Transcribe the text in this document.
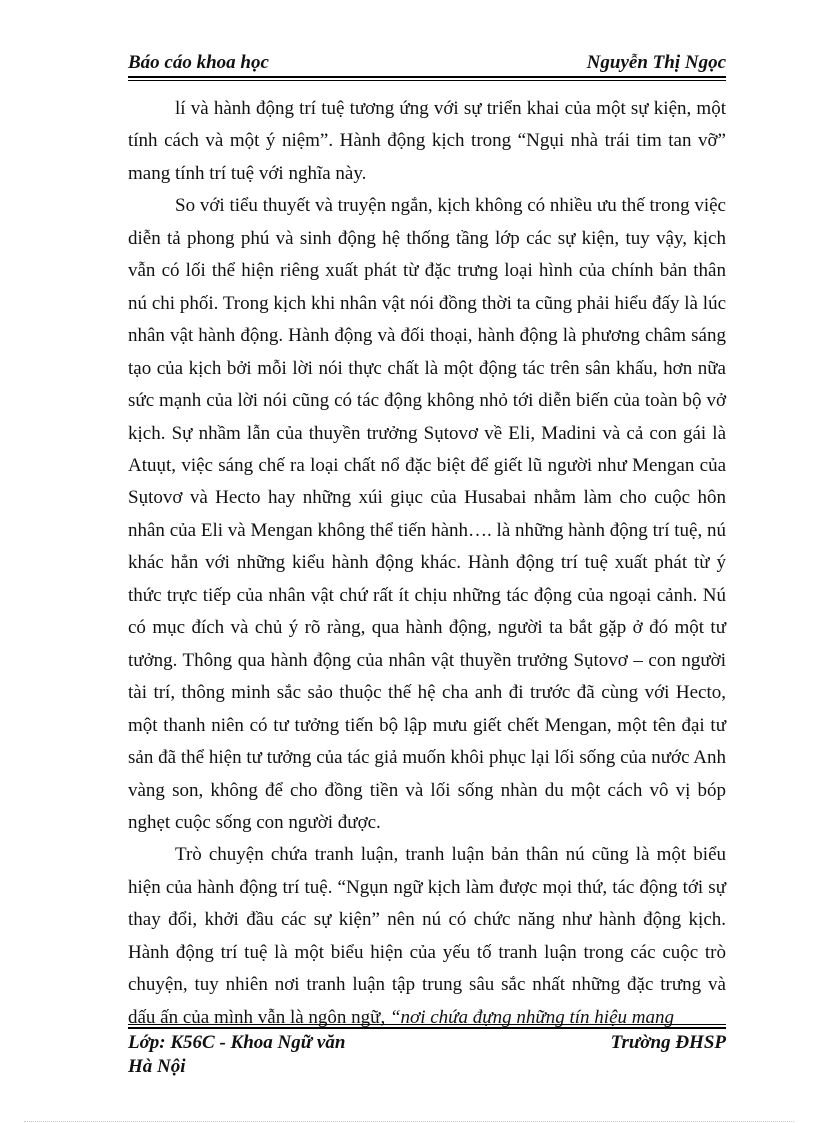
Báo cáo khoa học	Nguyễn Thị Ngọc

lí và hành động trí tuệ tương ứng với sự triển khai của một sự kiện, một tính cách và một ý niệm”. Hành động kịch trong “Ngụi nhà trái tim tan vỡ” mang tính trí tuệ với nghĩa này.

So với tiểu thuyết và truyện ngắn, kịch không có nhiều ưu thế trong việc diễn tả phong phú và sinh động hệ thống tầng lớp các sự kiện, tuy vậy, kịch vẫn có lối thể hiện riêng xuất phát từ đặc trưng loại hình của chính bản thân nú chi phối. Trong kịch khi nhân vật nói đồng thời ta cũng phải hiểu đấy là lúc nhân vật hành động. Hành động và đối thoại, hành động là phương châm sáng tạo của kịch bởi mỗi lời nói thực chất là một động tác trên sân khấu, hơn nữa sức mạnh của lời nói cũng có tác động không nhỏ tới diễn biến của toàn bộ vở kịch. Sự nhầm lẫn của thuyền trưởng Sụtovơ về Eli, Madini và cả con gái là Atuụt, việc sáng chế ra loại chất nổ đặc biệt để giết lũ người như Mengan của Sụtovơ và Hecto hay những xúi giục của Husabai nhằm làm cho cuộc hôn nhân của Eli và Mengan không thể tiến hành…. là những hành động trí tuệ, nú khác hẳn với những kiểu hành động khác. Hành động trí tuệ xuất phát từ ý thức trực tiếp của nhân vật chứ rất ít chịu những tác động của ngoại cảnh. Nú có mục đích và chủ ý rõ ràng, qua hành động, người ta bắt gặp ở đó một tư tưởng. Thông qua hành động của nhân vật thuyền trưởng Sụtovơ – con người tài trí, thông minh sắc sảo thuộc thế hệ cha anh đi trước đã cùng với Hecto, một thanh niên có tư tưởng tiến bộ lập mưu giết chết Mengan, một tên đại tư sản đã thể hiện tư tưởng của tác giả muốn khôi phục lại lối sống của nước Anh vàng son, không để cho đồng tiền và lối sống nhàn du một cách vô vị bóp nghẹt cuộc sống con người được.

Trò chuyện chứa tranh luận, tranh luận bản thân nú cũng là một biểu hiện của hành động trí tuệ. “Ngụn ngữ kịch làm được mọi thứ, tác động tới sự thay đổi, khởi đầu các sự kiện” nên nú có chức năng như hành động kịch. Hành động trí tuệ là một biểu hiện của yếu tố tranh luận trong các cuộc trò chuyện, tuy nhiên nơi tranh luận tập trung sâu sắc nhất những đặc trưng và dấu ấn của mình vẫn là ngôn ngữ, “nơi chứa đựng những tín hiệu mang

Lớp: K56C - Khoa Ngữ văn	Trường ĐHSP
Hà Nội
